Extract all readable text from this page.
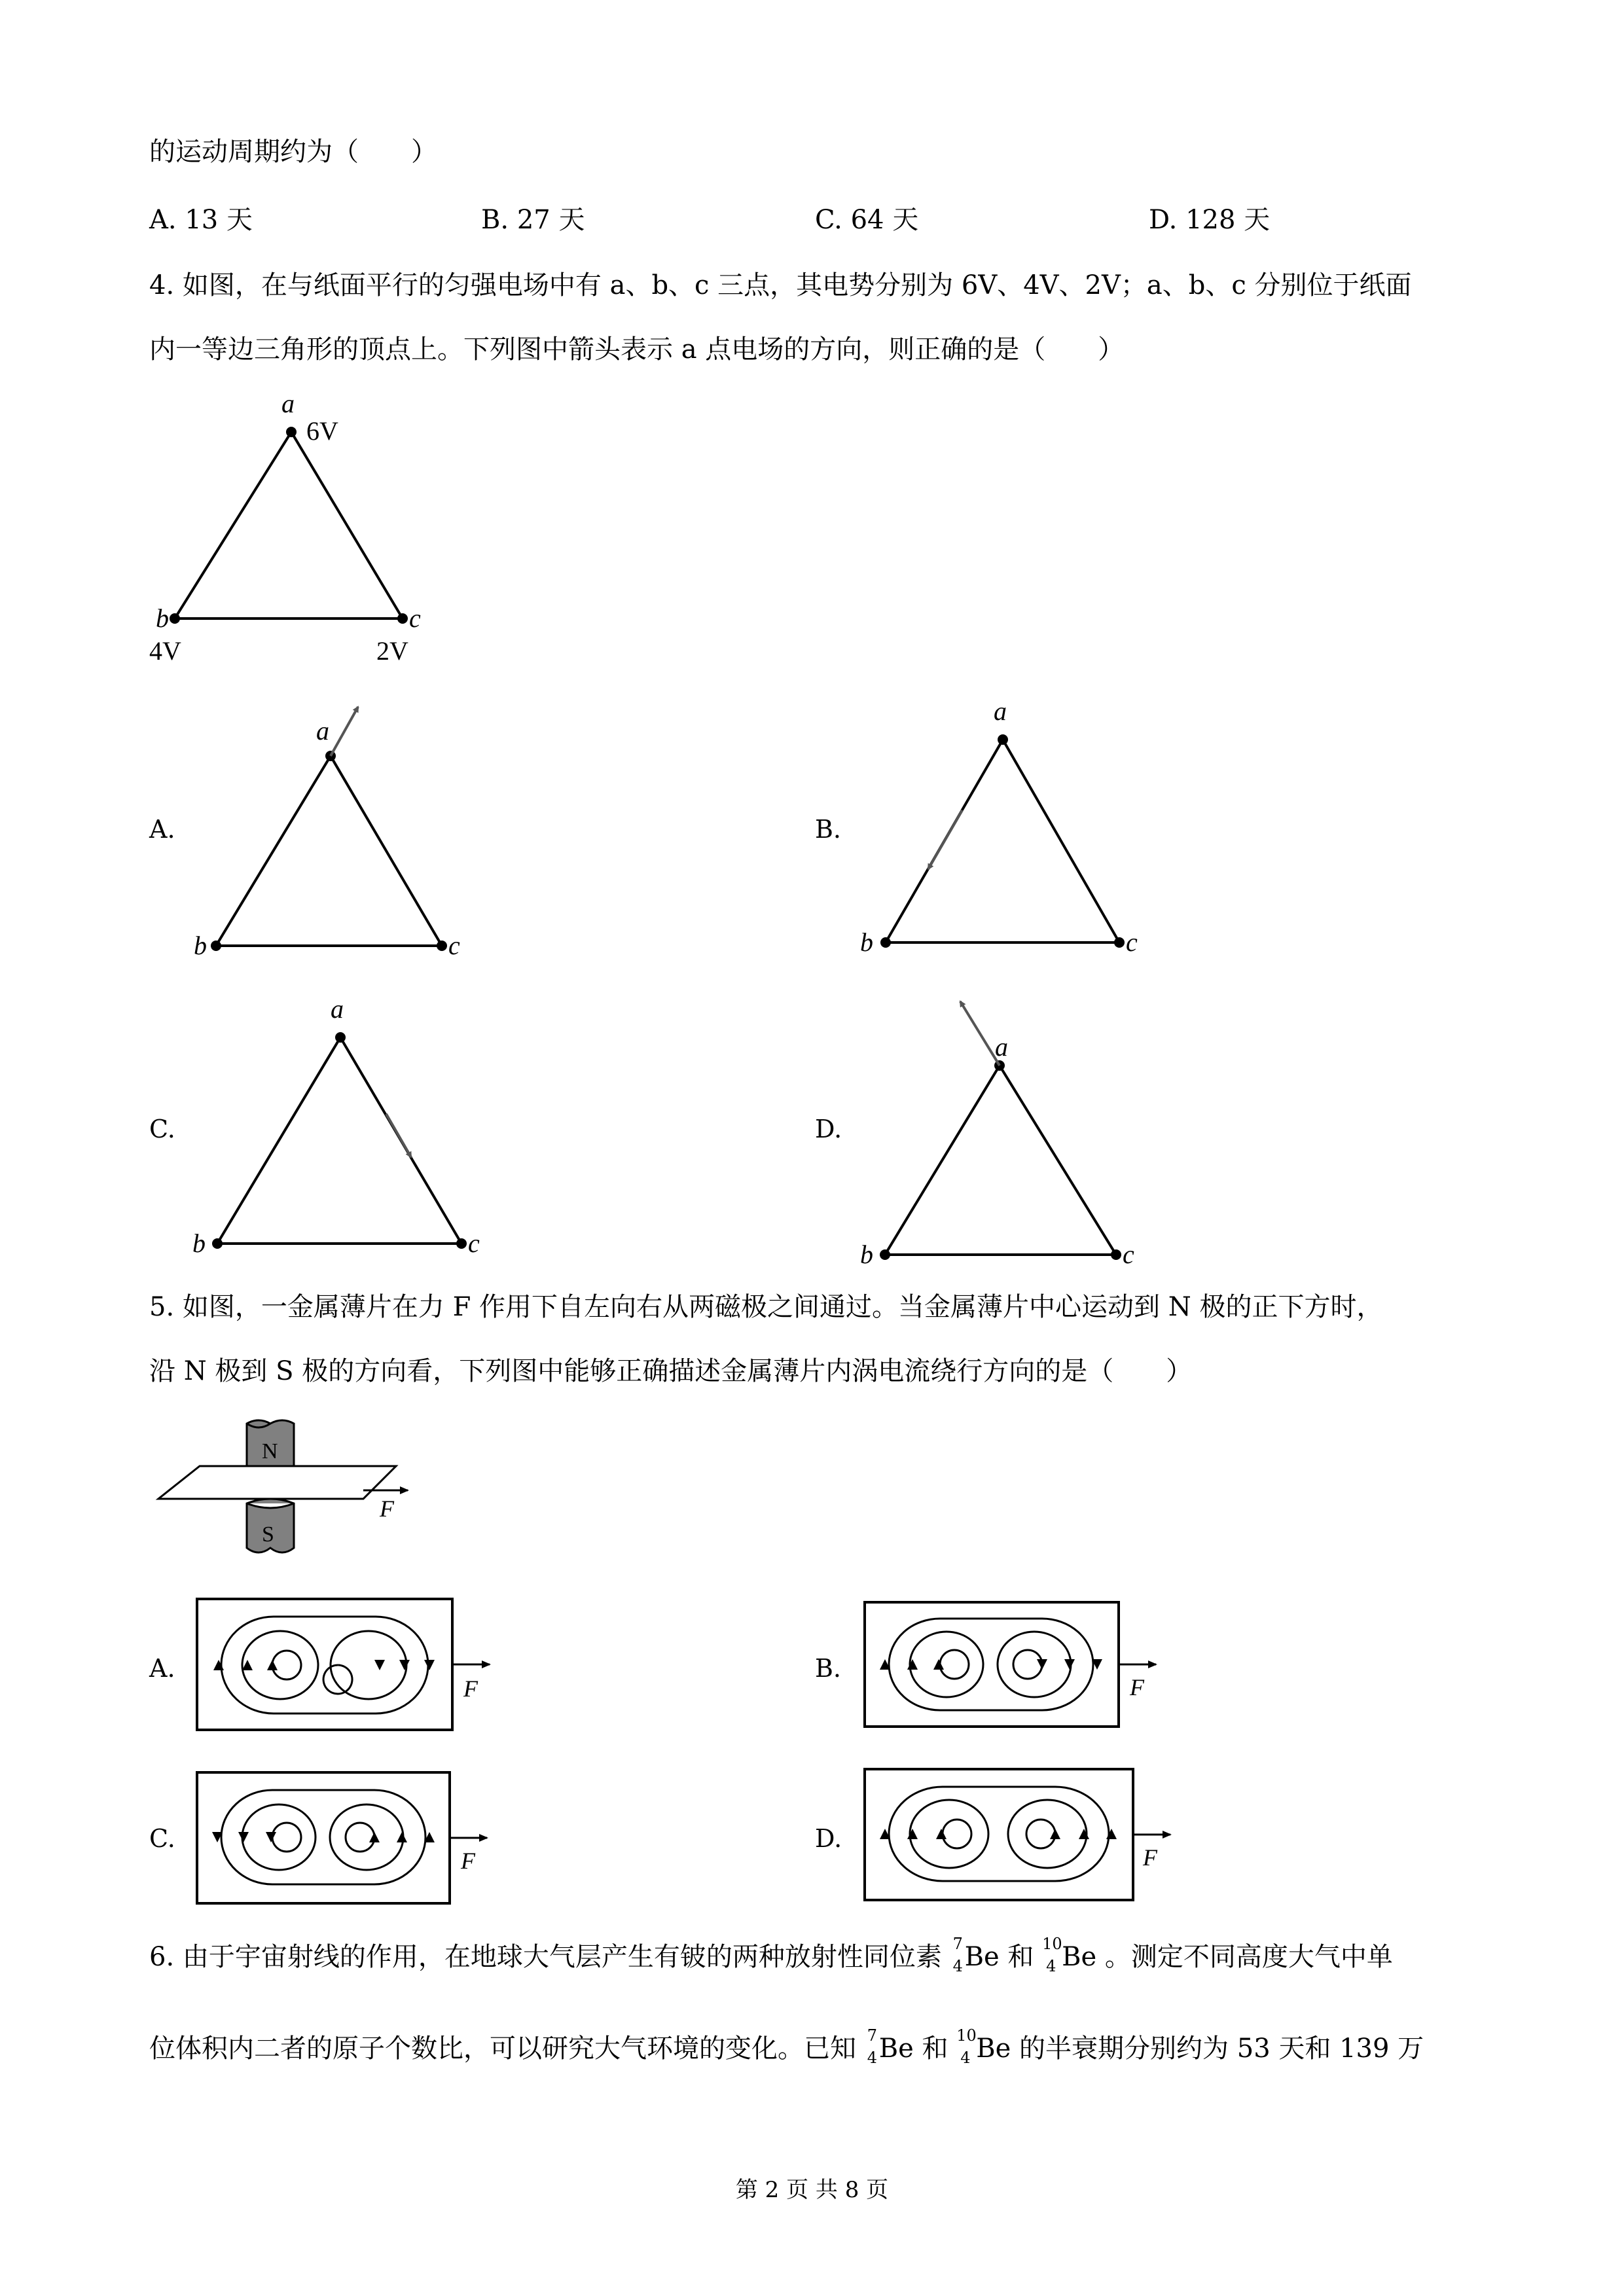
的运动周期约为（　　）
A. 13 天	B. 27 天	C. 64 天	D. 128 天
4. 如图，在与纸面平行的匀强电场中有 a、b、c 三点，其电势分别为 6V、4V、2V；a、b、c 分别位于纸面
内一等边三角形的顶点上。下列图中箭头表示 a 点电场的方向，则正确的是（　　）
a
6V
b
4V
c
2V
A.	B.
C.	D.
a
b	c
a
b	c
a
b	c
a
b	c
5. 如图，一金属薄片在力 F 作用下自左向右从两磁极之间通过。当金属薄片中心运动到 N 极的正下方时，
沿 N 极到 S 极的方向看，下列图中能够正确描述金属薄片内涡电流绕行方向的是（　　）
N
S
F
A.	B.
C.	D.
F	F
F	F
6. 由于宇宙射线的作用，在地球大气层产生有铍的两种放射性同位素 7
4 Be 和 10
4 Be 。测定不同高度大气中单
位体积内二者的原子个数比，可以研究大气环境的变化。已知 7
4 Be 和 10
4 Be 的半衰期分别约为 53 天和 139 万
第 2 页 共 8 页
